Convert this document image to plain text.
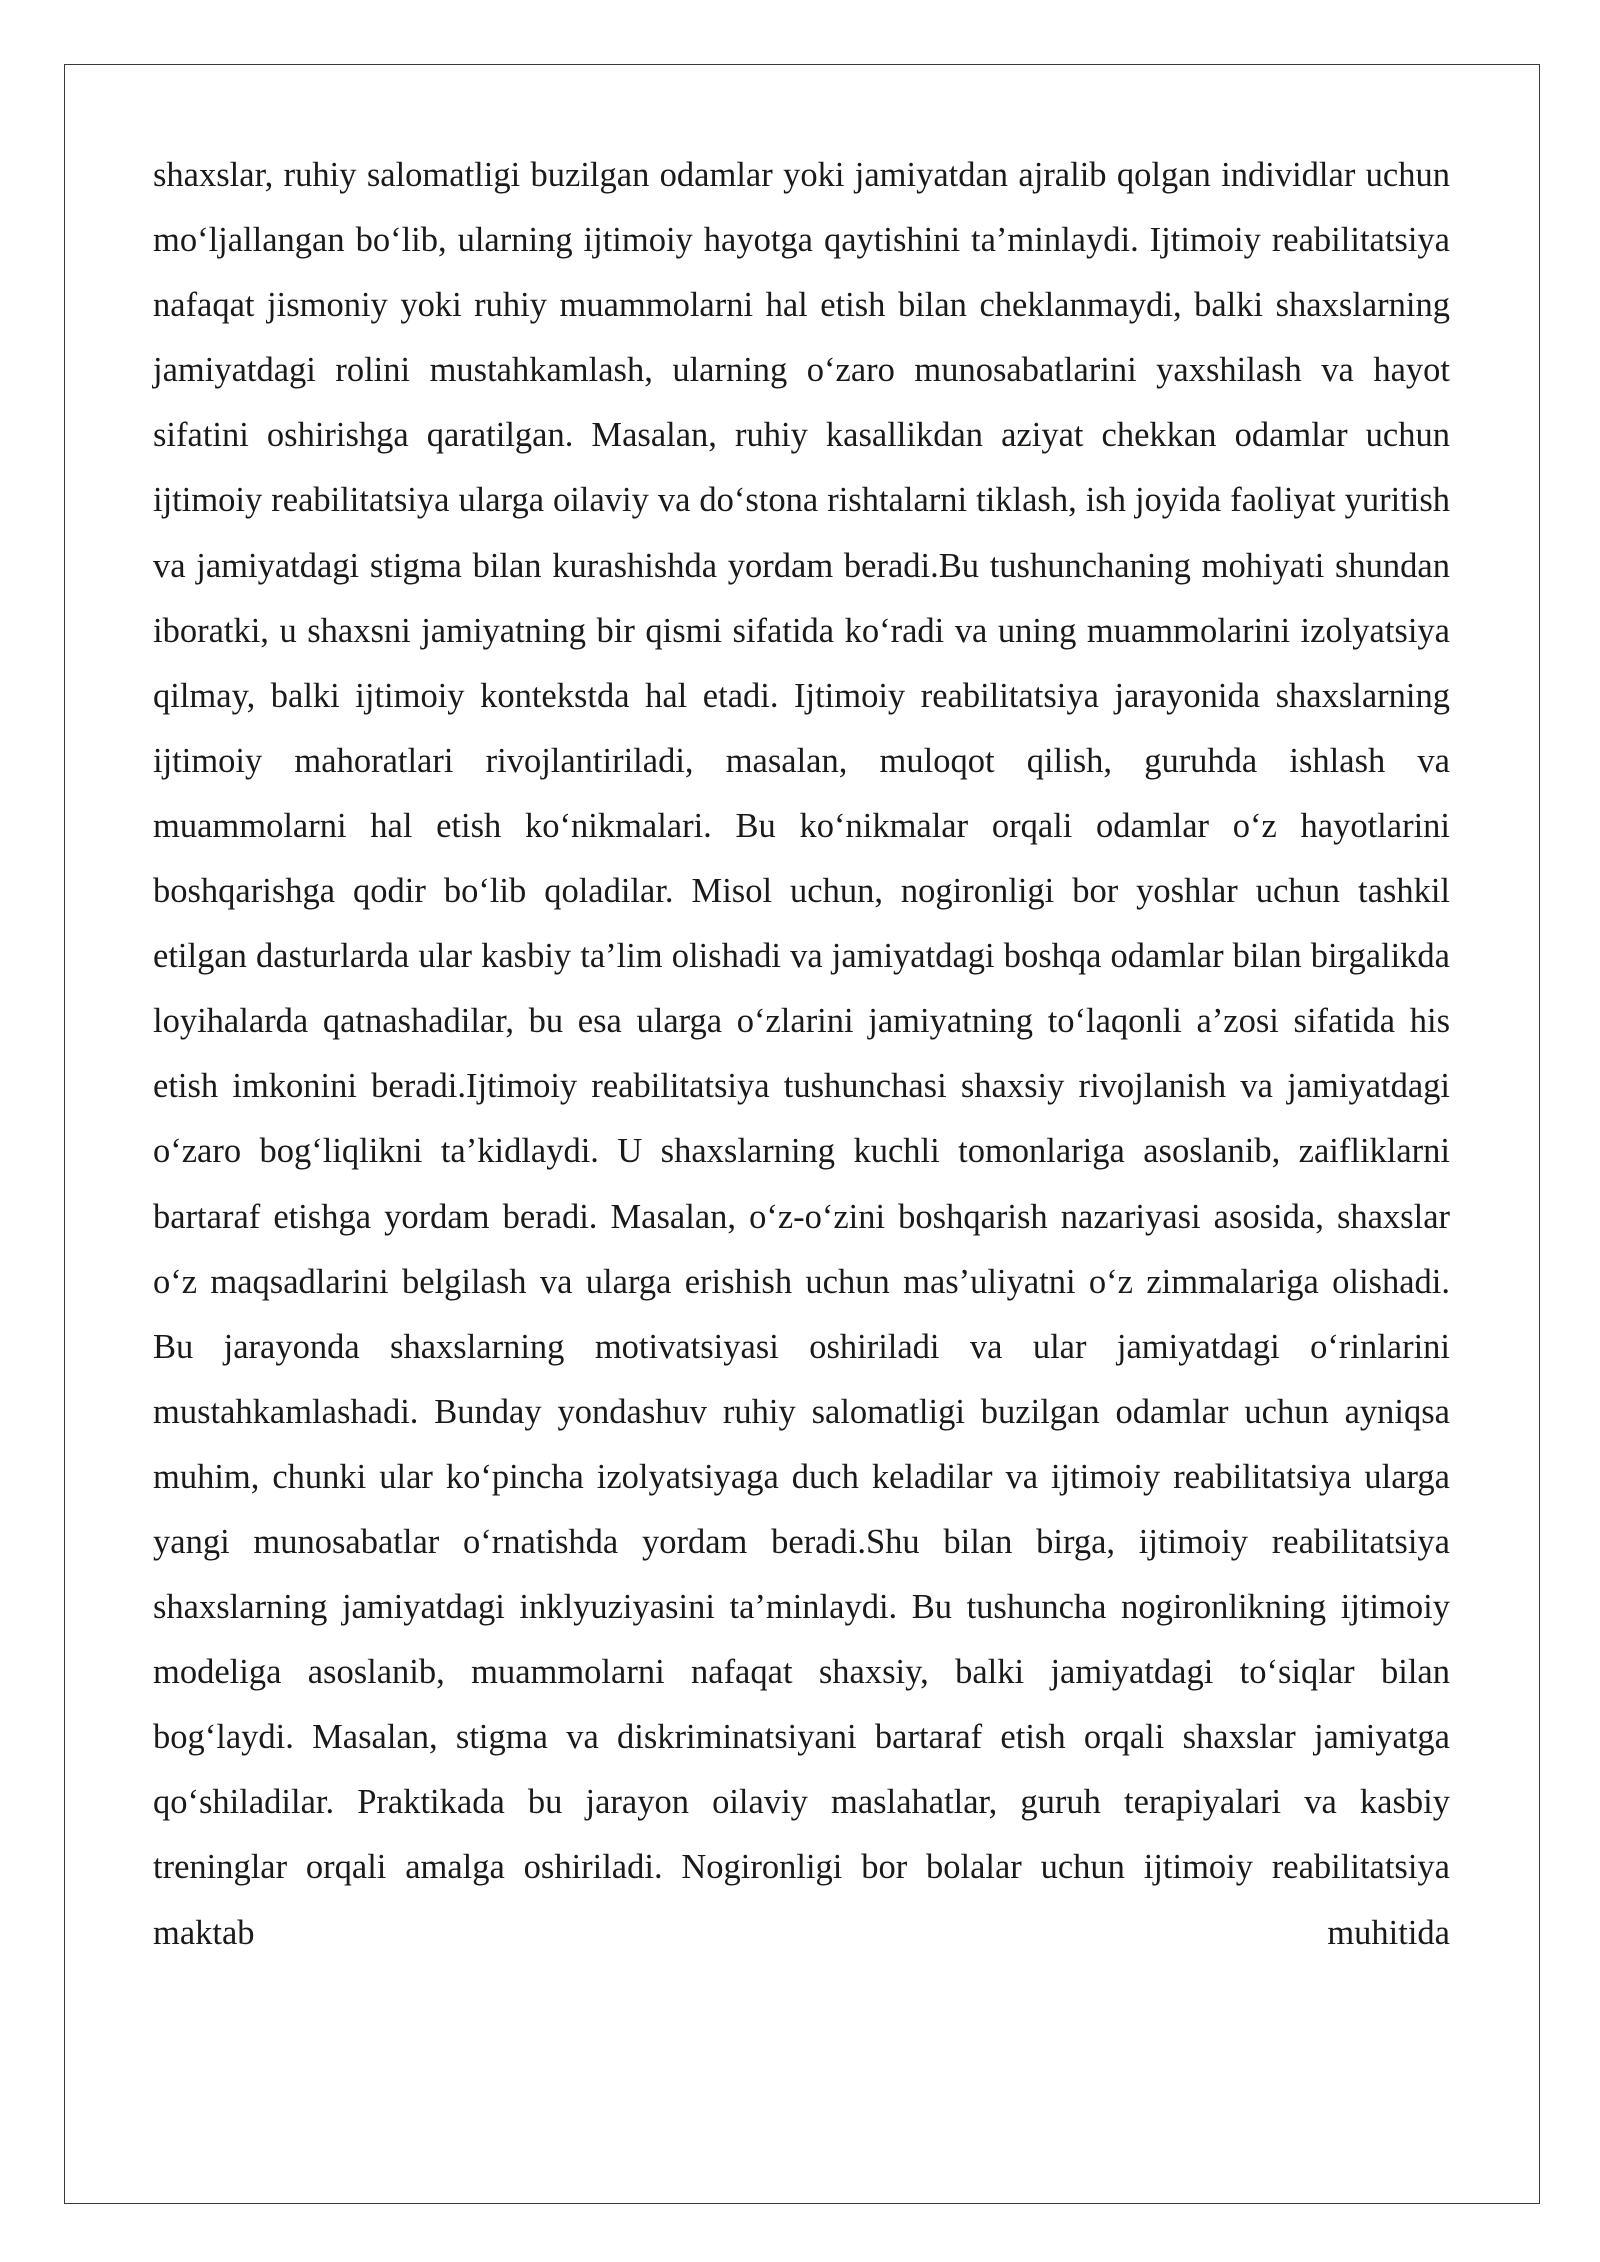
shaxslar, ruhiy salomatligi buzilgan odamlar yoki jamiyatdan ajralib qolgan individlar uchun mo‘ljallangan bo‘lib, ularning ijtimoiy hayotga qaytishini ta’minlaydi. Ijtimoiy reabilitatsiya nafaqat jismoniy yoki ruhiy muammolarni hal etish bilan cheklanmaydi, balki shaxslarning jamiyatdagi rolini mustahkamlash, ularning o‘zaro munosabatlarini yaxshilash va hayot sifatini oshirishga qaratilgan. Masalan, ruhiy kasallikdan aziyat chekkan odamlar uchun ijtimoiy reabilitatsiya ularga oilaviy va do‘stona rishtalarni tiklash, ish joyida faoliyat yuritish va jamiyatdagi stigma bilan kurashishda yordam beradi.Bu tushunchaning mohiyati shundan iboratki, u shaxsni jamiyatning bir qismi sifatida ko‘radi va uning muammolarini izolyatsiya qilmay, balki ijtimoiy kontekstda hal etadi. Ijtimoiy reabilitatsiya jarayonida shaxslarning ijtimoiy mahoratlari rivojlantiriladi, masalan, muloqot qilish, guruhda ishlash va muammolarni hal etish ko‘nikmalari. Bu ko‘nikmalar orqali odamlar o‘z hayotlarini boshqarishga qodir bo‘lib qoladilar. Misol uchun, nogironligi bor yoshlar uchun tashkil etilgan dasturlarda ular kasbiy ta’lim olishadi va jamiyatdagi boshqa odamlar bilan birgalikda loyihalarda qatnashadilar, bu esa ularga o‘zlarini jamiyatning to‘laqonli a’zosi sifatida his etish imkonini beradi.Ijtimoiy reabilitatsiya tushunchasi shaxsiy rivojlanish va jamiyatdagi o‘zaro bog‘liqlikni ta’kidlaydi. U shaxslarning kuchli tomonlariga asoslanib, zaifliklarni bartaraf etishga yordam beradi. Masalan, o‘z-o‘zini boshqarish nazariyasi asosida, shaxslar o‘z maqsadlarini belgilash va ularga erishish uchun mas’uliyatni o‘z zimmalariga olishadi. Bu jarayonda shaxslarning motivatsiyasi oshiriladi va ular jamiyatdagi o‘rinlarini mustahkamlashadi. Bunday yondashuv ruhiy salomatligi buzilgan odamlar uchun ayniqsa muhim, chunki ular ko‘pincha izolyatsiyaga duch keladilar va ijtimoiy reabilitatsiya ularga yangi munosabatlar o‘rnatishda yordam beradi.Shu bilan birga, ijtimoiy reabilitatsiya shaxslarning jamiyatdagi inklyuziyasini ta’minlaydi. Bu tushuncha nogironlikning ijtimoiy modeliga asoslanib, muammolarni nafaqat shaxsiy, balki jamiyatdagi to‘siqlar bilan bog‘laydi. Masalan, stigma va diskriminatsiyani bartaraf etish orqali shaxslar jamiyatga qo‘shiladilar. Praktikada bu jarayon oilaviy maslahatlar, guruh terapiyalari va kasbiy treninglar orqali amalga oshiriladi. Nogironligi bor bolalar uchun ijtimoiy reabilitatsiya maktab muhitida
